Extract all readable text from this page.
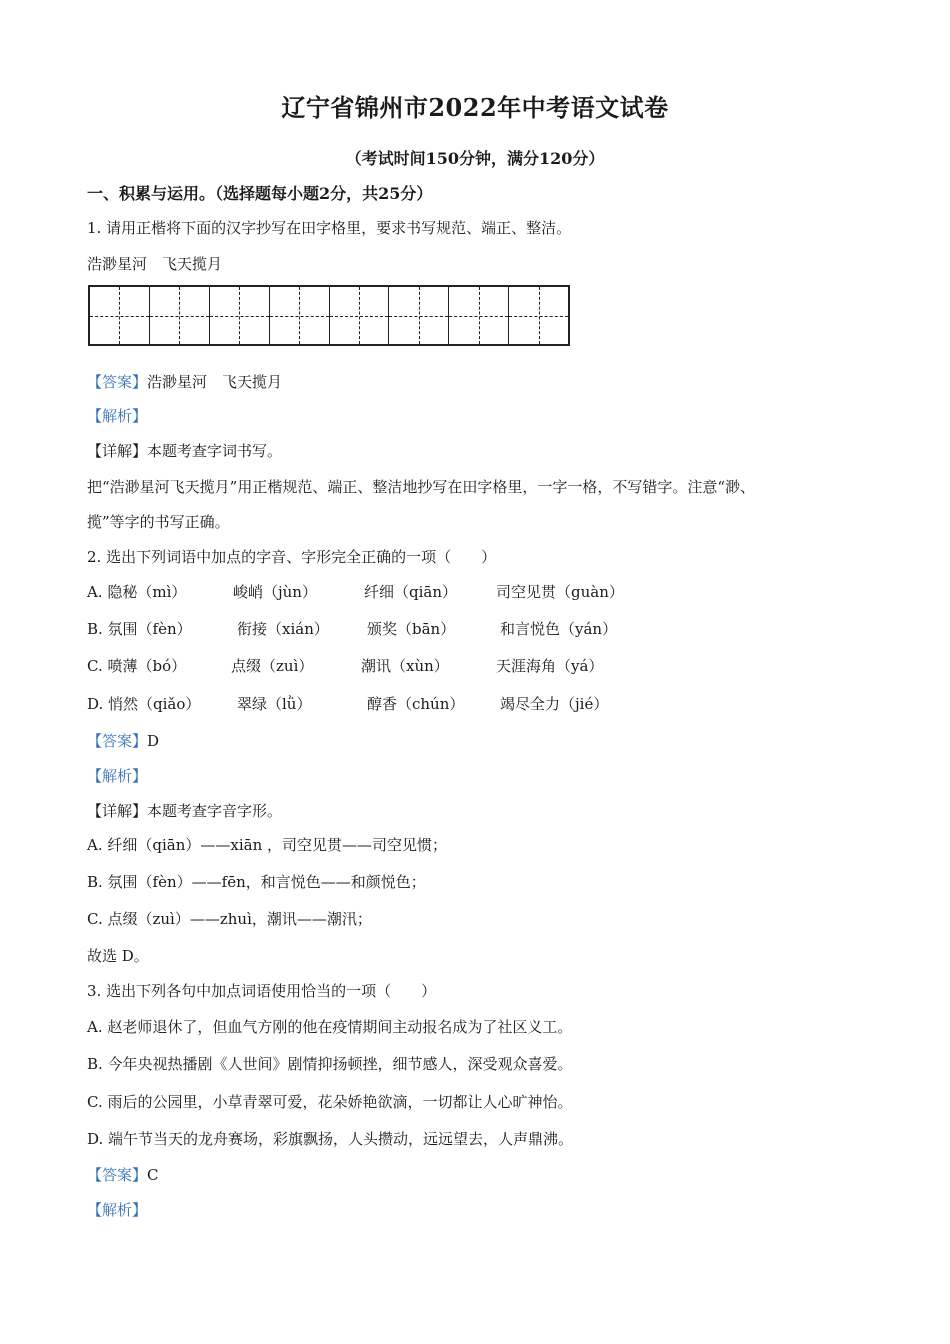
辽宁省锦州市2022年中考语文试卷
（考试时间150分钟，满分120分）
一、积累与运用。（选择题每小题2分，共25分）
1. 请用正楷将下面的汉字抄写在田字格里，要求书写规范、端正、整洁。
浩渺星河　飞天揽月
【答案】浩渺星河　飞天揽月
【解析】
【详解】本题考查字词书写。
把“浩渺星河飞天揽月”用正楷规范、端正、整洁地抄写在田字格里，一字一格，不写错字。注意“渺、
揽”等字的书写正确。
2. 选出下列词语中加点的字音、字形完全正确的一项（　　）
A. 隐秘（mì）	峻峭（jùn）	纤细（qiān）	司空见贯（guàn）
B. 氛围（fèn）	衔接（xián）	颁奖（bān）	和言悦色（yán）
C. 喷薄（bó）	点缀（zuì）	潮讯（xùn）	天涯海角（yá）
D. 悄然（qiǎo） 翠绿（lǜ）	醇香（chún） 竭尽全力（jié）
【答案】D
【解析】
【详解】本题考查字音字形。
A. 纤细（qiān）——xiān ，司空见贯——司空见惯；
B. 氛围（fèn）——fēn，和言悦色——和颜悦色；
C. 点缀（zuì）——zhuì，潮讯——潮汛；
故选 D。
3. 选出下列各句中加点词语使用恰当的一项（　　）
A. 赵老师退休了，但血气方刚的他在疫情期间主动报名成为了社区义工。
B. 今年央视热播剧《人世间》剧情抑扬顿挫，细节感人，深受观众喜爱。
C. 雨后的公园里，小草青翠可爱，花朵娇艳欲滴，一切都让人心旷神怡。
D. 端午节当天的龙舟赛场，彩旗飘扬，人头攒动，远远望去，人声鼎沸。
【答案】C
【解析】
